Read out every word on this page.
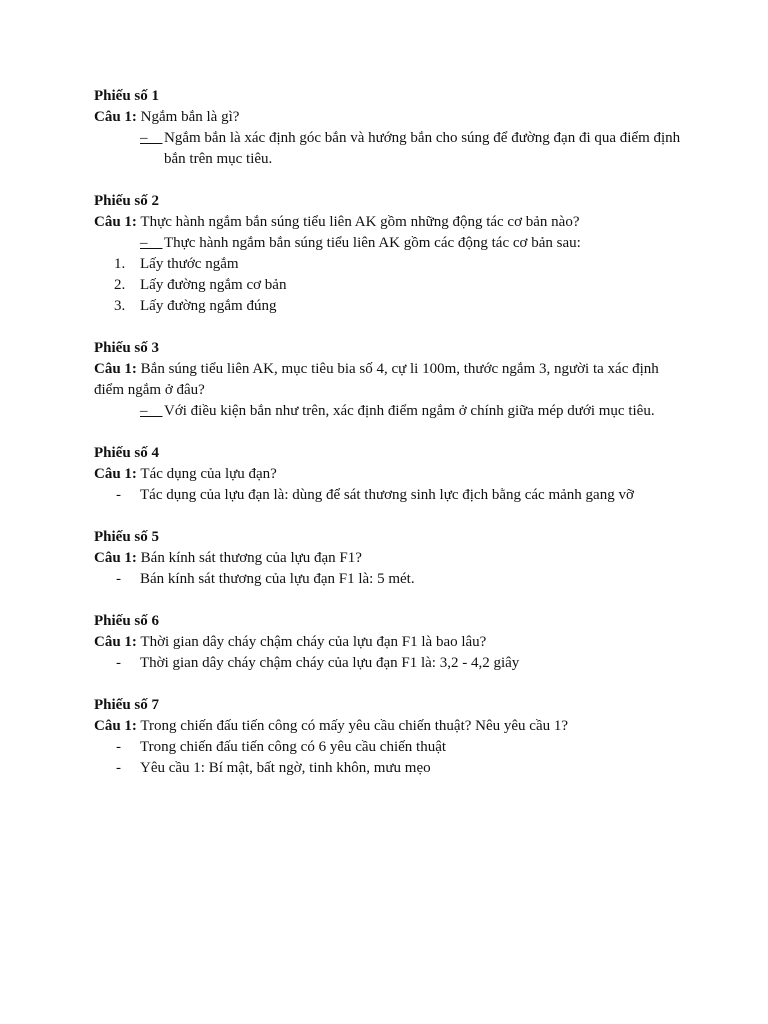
Phiếu số 1
Câu 1: Ngắm bắn là gì?
–	Ngắm bắn là xác định góc bắn và hướng bắn cho súng để đường đạn đi qua điểm định bắn trên mục tiêu.
Phiếu số 2
Câu 1: Thực hành ngắm bắn súng tiểu liên AK gồm những động tác cơ bản nào?
–	Thực hành ngắm bắn súng tiểu liên AK gồm các động tác cơ bản sau:
1. Lấy thước ngắm
2. Lấy đường ngắm cơ bản
3. Lấy đường ngắm đúng
Phiếu số 3
Câu 1: Bắn súng tiểu liên AK, mục tiêu bia số 4, cự li 100m, thước ngắm 3, người ta xác định điểm ngắm ở đâu?
–	Với điều kiện bắn như trên, xác định điểm ngắm ở chính giữa mép dưới mục tiêu.
Phiếu số 4
Câu 1: Tác dụng của lựu đạn?
- Tác dụng của lựu đạn là: dùng để sát thương sinh lực địch bằng các mảnh gang vỡ
Phiếu số 5
Câu 1: Bán kính sát thương của lựu đạn F1?
- Bán kính sát thương của lựu đạn F1 là: 5 mét.
Phiếu số 6
Câu 1: Thời gian dây cháy chậm cháy của lựu đạn F1 là bao lâu?
- Thời gian dây cháy chậm cháy của lựu đạn F1 là: 3,2 - 4,2 giây
Phiếu số 7
Câu 1: Trong chiến đấu tiến công có mấy yêu cầu chiến thuật? Nêu yêu cầu 1?
- Trong chiến đấu tiến công có 6 yêu cầu chiến thuật
- Yêu cầu 1: Bí mật, bất ngờ, tinh khôn, mưu mẹo
